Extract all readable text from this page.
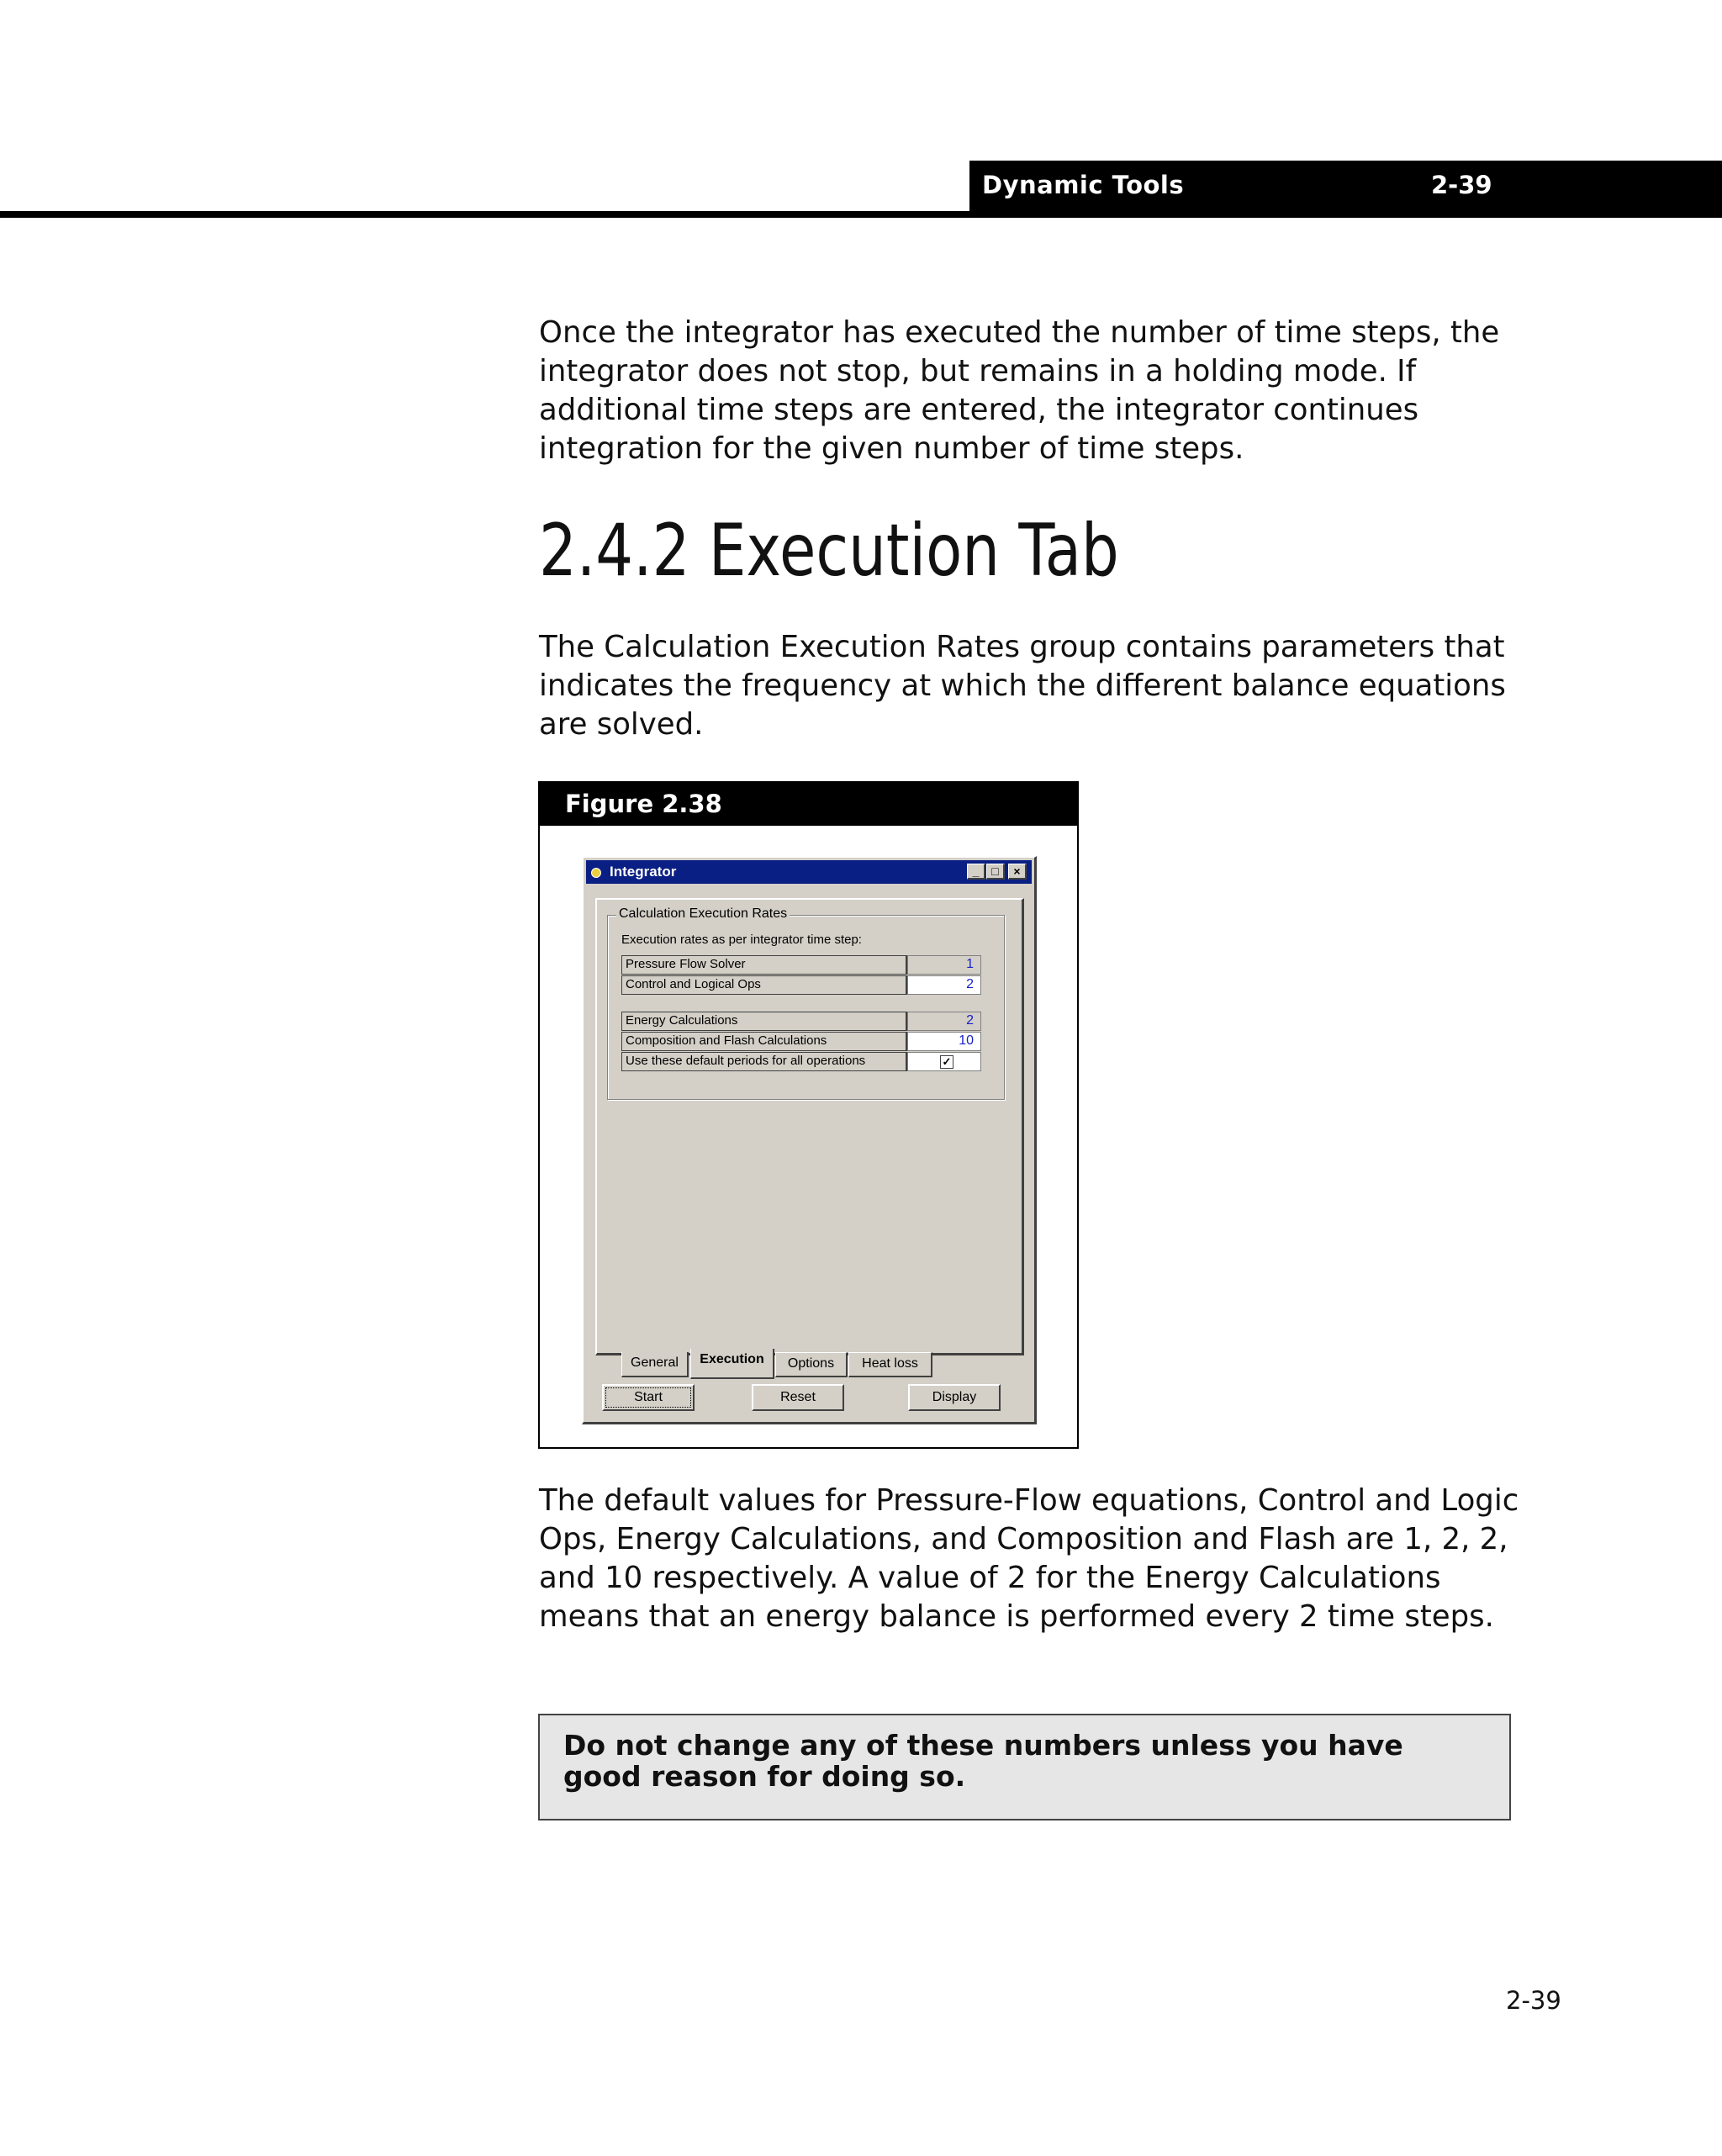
Dynamic Tools	2-39

Once the integrator has executed the number of time steps, the integrator does not stop, but remains in a holding mode. If additional time steps are entered, the integrator continues integration for the given number of time steps.

2.4.2 Execution Tab

The Calculation Execution Rates group contains parameters that indicates the frequency at which the different balance equations are solved.

Figure 2.38
Integrator	_	□	×
Calculation Execution Rates
Execution rates as per integrator time step:
Pressure Flow Solver	1
Control and Logical Ops	2
Energy Calculations	2
Composition and Flash Calculations	10
Use these default periods for all operations	✓
General	Execution	Options	Heat loss
Start	Reset	Display

The default values for Pressure-Flow equations, Control and Logic Ops, Energy Calculations, and Composition and Flash are 1, 2, 2, and 10 respectively. A value of 2 for the Energy Calculations means that an energy balance is performed every 2 time steps.

Do not change any of these numbers unless you have good reason for doing so.
2-39
